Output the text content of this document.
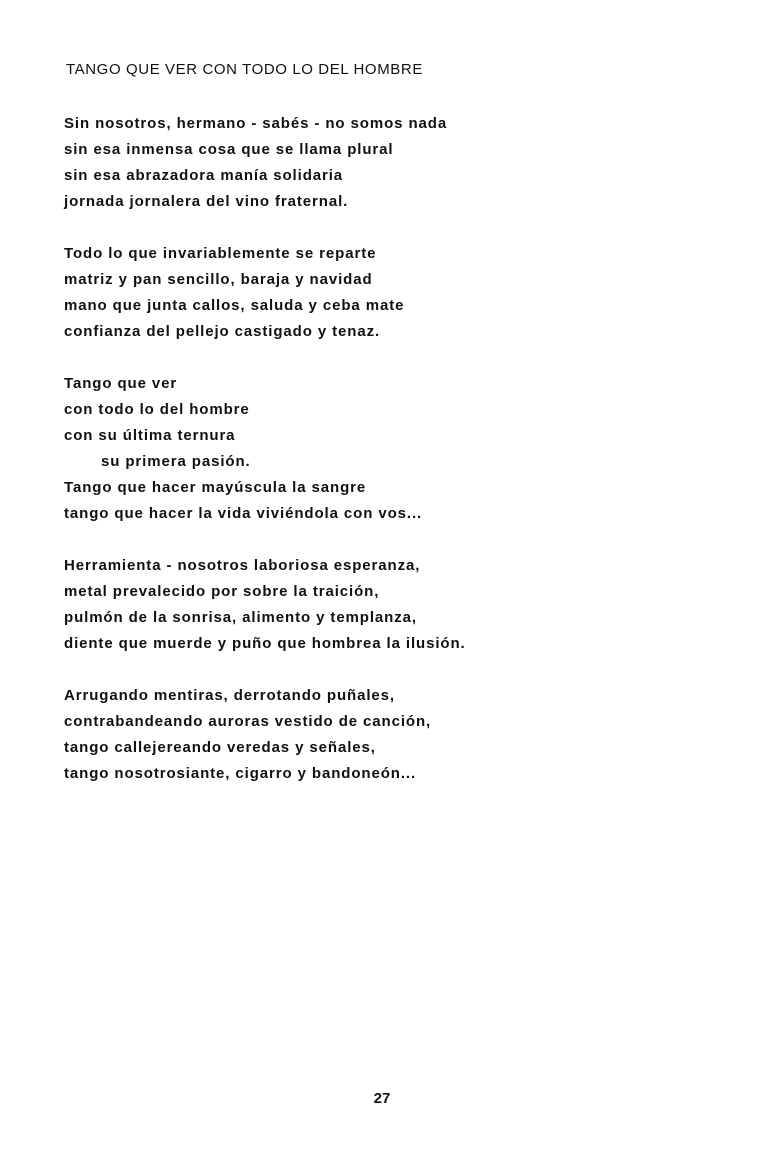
TANGO QUE VER CON TODO LO DEL HOMBRE
Sin nosotros, hermano - sabés - no somos nada
sin esa inmensa cosa que se llama plural
sin esa abrazadora manía solidaria
jornada jornalera del vino fraternal.
Todo lo que invariablemente se reparte
matriz y pan sencillo, baraja y navidad
mano que junta callos, saluda y ceba mate
confianza del pellejo castigado y tenaz.
Tango que ver
con todo lo del hombre
con su última ternura
su primera pasión.
Tango que hacer mayúscula la sangre
tango que hacer la vida viviéndola con vos...
Herramienta - nosotros laboriosa esperanza,
metal prevalecido por sobre la traición,
pulmón de la sonrisa, alimento y templanza,
diente que muerde y puño que hombrea la ilusión.
Arrugando mentiras, derrotando puñales,
contrabandeando auroras vestido de canción,
tango callejereando veredas y señales,
tango nosotrosiante, cigarro y bandoneón...
27
